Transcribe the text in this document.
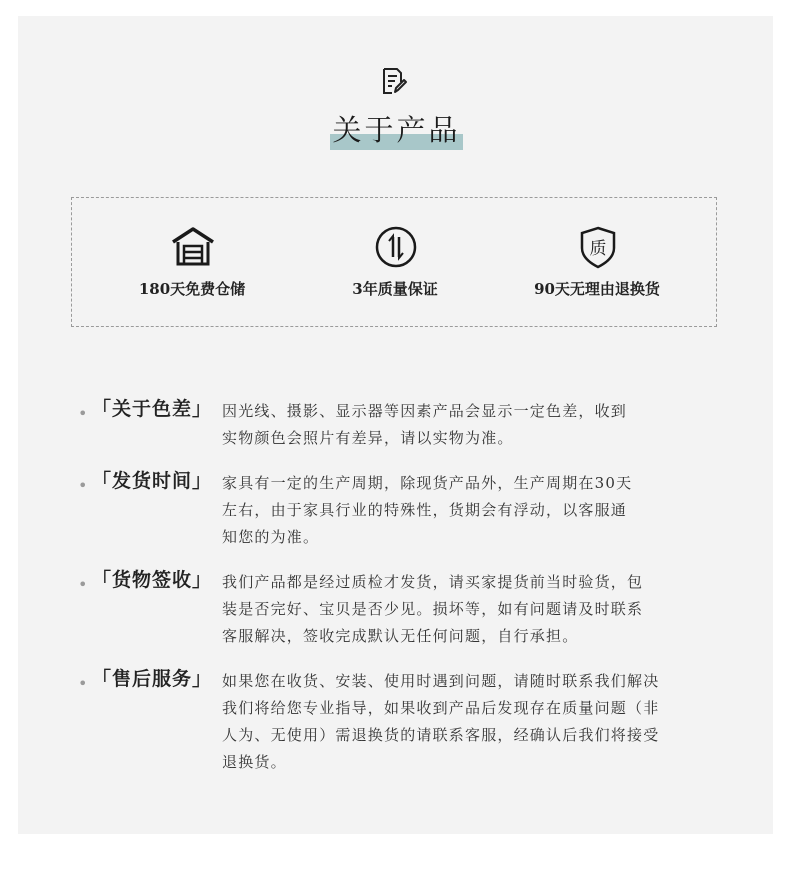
关于产品
180天免费仓储	3年质量保证
质
90天无理由退换货
• 「关于色差」 因光线、摄影、显示器等因素产品会显示一定色差，收到
实物颜色会照片有差异，请以实物为准。
• 「发货时间」 家具有一定的生产周期，除现货产品外，生产周期在30天
左右，由于家具行业的特殊性，货期会有浮动，以客服通
知您的为准。
• 「货物签收」 我们产品都是经过质检才发货，请买家提货前当时验货，包
装是否完好、宝贝是否少见。损坏等，如有问题请及时联系
客服解决，签收完成默认无任何问题，自行承担。
• 「售后服务」 如果您在收货、安装、使用时遇到问题，请随时联系我们解决
我们将给您专业指导，如果收到产品后发现存在质量问题（非
人为、无使用）需退换货的请联系客服，经确认后我们将接受
退换货。
